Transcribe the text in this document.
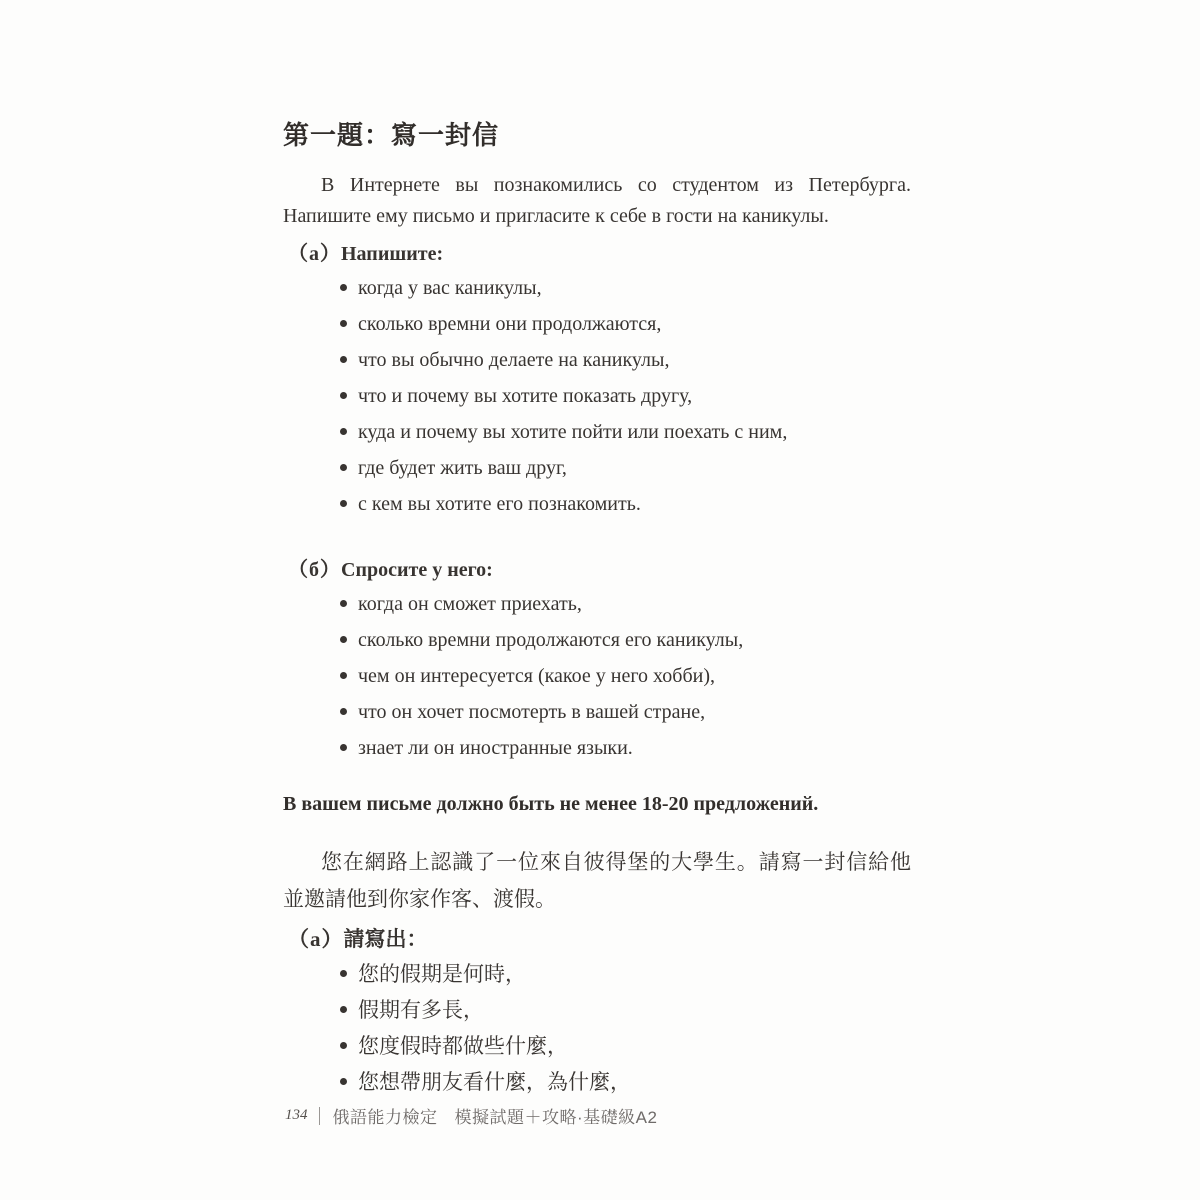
第一題：寫一封信

В Интернете вы познакомились со студентом из Петербурга.
Напишите ему письмо и пригласите к себе в гости на каникулы.

（а）Напишите:
когда у вас каникулы,
сколько времни они продолжаются,
что вы обычно делаете на каникулы,
что и почему вы хотите показать другу,
куда и почему вы хотите пойти или поехать с ним,
где будет жить ваш друг,
с кем вы хотите его познакомить.
（б）Спросите у него:
когда он сможет приехать,
сколько времни продолжаются его каникулы,
чем он интересуется (какое у него хобби),
что он хочет посмотерть в вашей стране,
знает ли он иностранные языки.

В вашем письме должно быть не менее 18-20 предложений.

您在網路上認識了一位來自彼得堡的大學生。請寫一封信給他
並邀請他到你家作客、渡假。

（a）請寫出：
您的假期是何時，
假期有多長，
您度假時都做些什麼，
您想帶朋友看什麼，為什麼，
134 俄語能力檢定 模擬試題＋攻略·基礎級A2
